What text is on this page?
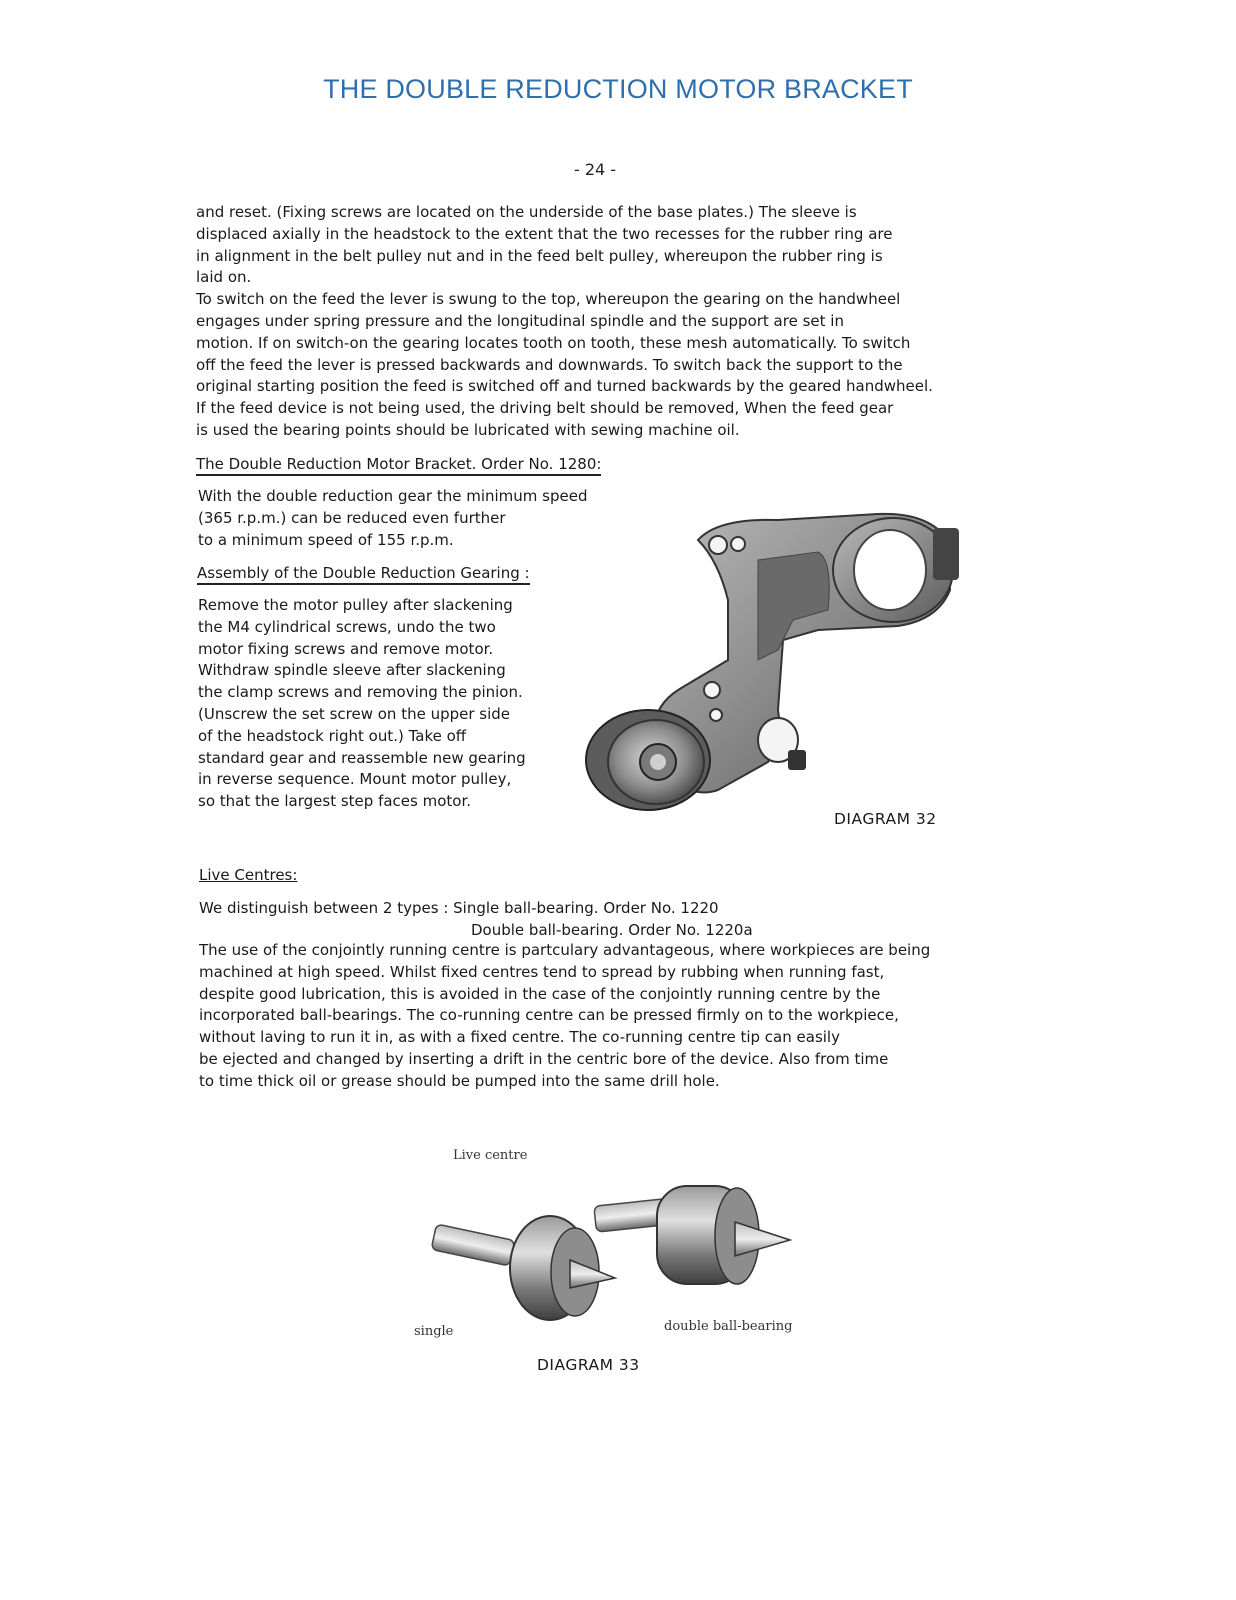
THE DOUBLE REDUCTION MOTOR BRACKET
- 24 -

and reset. (Fixing screws are located on the underside of the base plates.) The sleeve is

displaced axially in the headstock to the extent that the two recesses for the rubber ring are

in alignment in the belt pulley nut and in the feed belt pulley, whereupon the rubber ring is

laid on.

To switch on the feed the lever is swung to the top, whereupon the gearing on the handwheel

engages under spring pressure and the longitudinal spindle and the support are set in

motion. If on switch-on the gearing locates tooth on tooth, these mesh automatically. To switch

off the feed the lever is pressed backwards and downwards. To switch back the support to the

original starting position the feed is switched off and turned backwards by the geared handwheel.

If the feed device is not being used, the driving belt should be removed, When the feed gear

is used the bearing points should be lubricated with sewing machine oil.

The Double Reduction Motor Bracket. Order No. 1280:

With the double reduction gear the minimum speed

(365 r.p.m.) can be reduced even further

to a minimum speed of 155 r.p.m.

Assembly of the Double Reduction Gearing :

Remove the motor pulley after slackening

the M4 cylindrical screws, undo the two

motor fixing screws and remove motor.

Withdraw spindle sleeve after slackening

the clamp screws and removing the pinion.

(Unscrew the set screw on the upper side

of the headstock right out.) Take off

standard gear and reassemble new gearing

in reverse sequence. Mount motor pulley,

so that the largest step faces motor.

DIAGRAM 32
Live Centres:

We distinguish between 2 types : Single ball-bearing. Order No. 1220

Double ball-bearing. Order No. 1220a

The use of the conjointly running centre is partculary advantageous, where workpieces are being

machined at high speed. Whilst fixed centres tend to spread by rubbing when running fast,

despite good lubrication, this is avoided in the case of the conjointly running centre by the

incorporated ball-bearings. The co-running centre can be pressed firmly on to the workpiece,

without laving to run it in, as with a fixed centre. The co-running centre tip can easily

be ejected and changed by inserting a drift in the centric bore of the device. Also from time

to time thick oil or grease should be pumped into the same drill hole.

Live centre
single	double ball-bearing
DIAGRAM 33
